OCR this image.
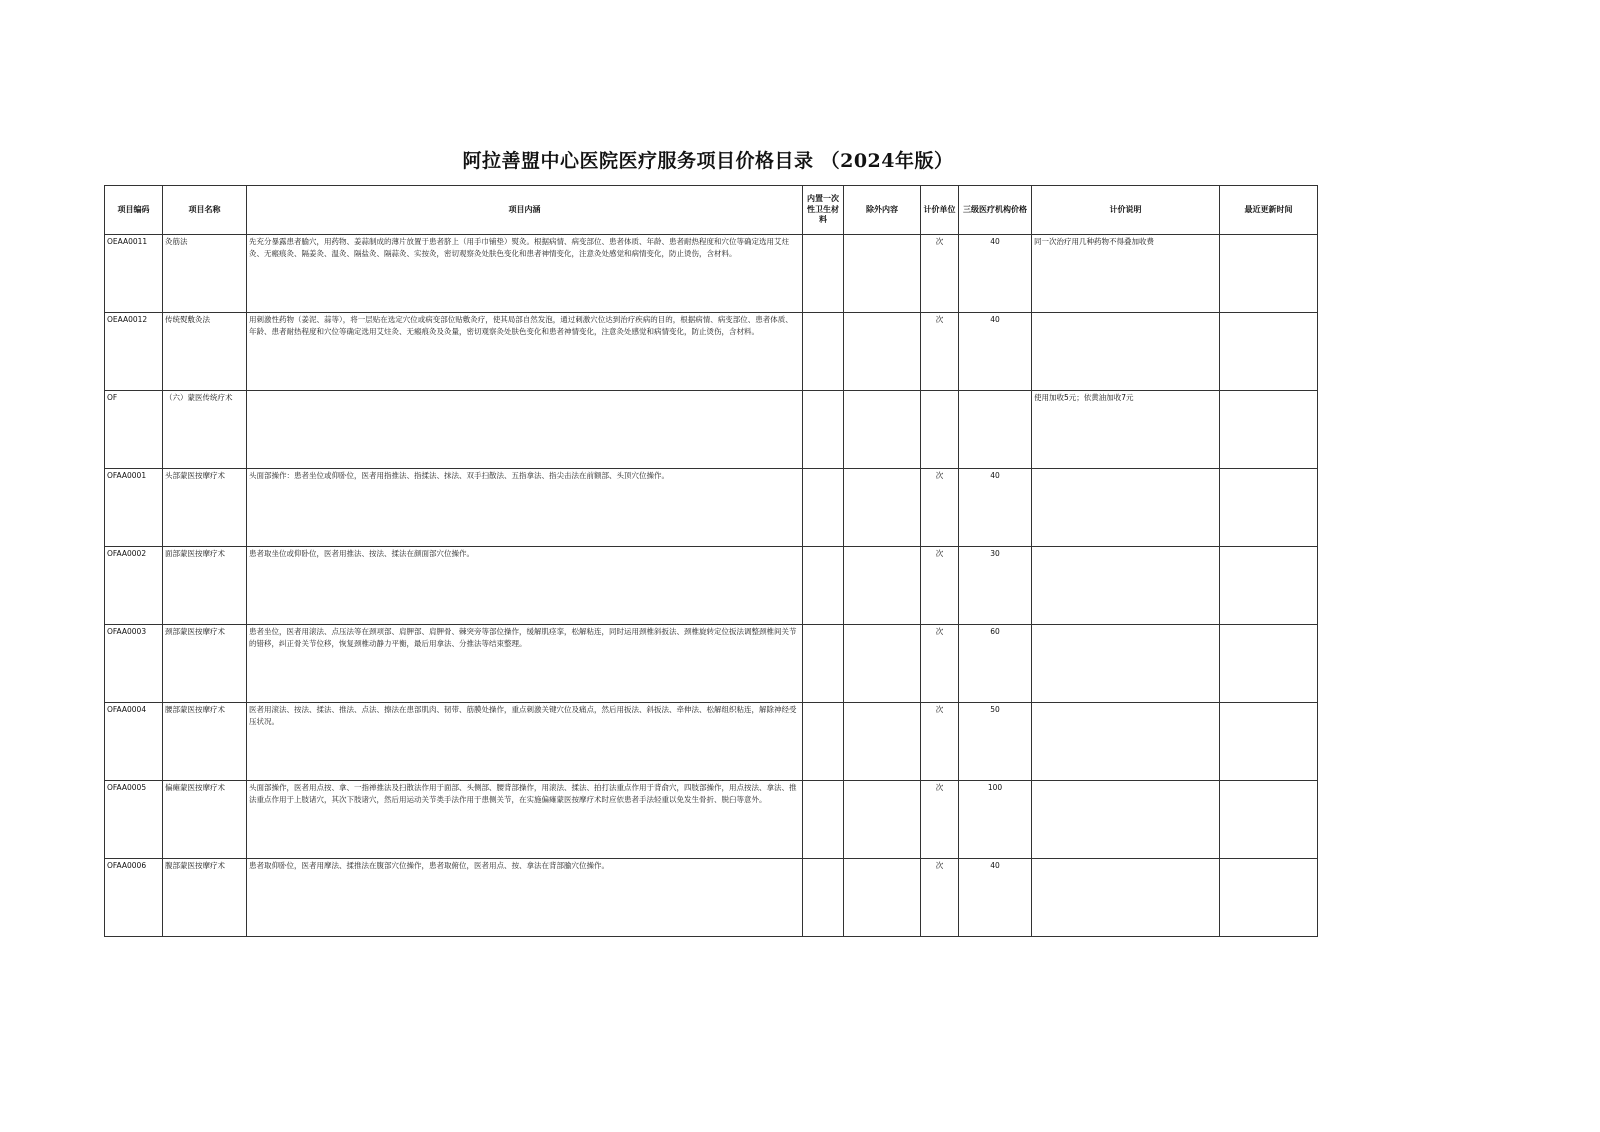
阿拉善盟中心医院医疗服务项目价格目录 （2024年版）
项目编码	项目名称	项目内涵	内置一次性卫生材料	除外内容	计价单位	三级医疗机构价格	计价说明	最近更新时间
OEAA0011	灸筋法	先充分暴露患者腧穴，用药物、姜蒜制成的薄片放置于患者脐上（用手巾铺垫）熨灸。根据病情、病变部位、患者体质、年龄、患者耐热程度和穴位等确定选用艾炷灸、无瘢痕灸、隔姜灸、温灸、隔盐灸、隔蒜灸、实按灸，密切观察灸处肤色变化和患者神情变化，注意灸处感觉和病情变化，防止烫伤，含材料。			次	40	同一次治疗用几种药物不得叠加收费	
OEAA0012	传统熨敷灸法	用刺激性药物（姜泥、蒜等），将一层贴在选定穴位或病变部位贴敷灸疗，使其局部自然发泡，通过刺激穴位达到治疗疾病的目的，根据病情、病变部位、患者体质、年龄、患者耐热程度和穴位等确定选用艾炷灸、无瘢痕灸及灸量，密切观察灸处肤色变化和患者神情变化，注意灸处感觉和病情变化，防止烫伤，含材料。			次	40		
OF	（六）蒙医传统疗术						使用加收5元；依黄油加收7元	
OFAA0001	头部蒙医按摩疗术	头面部操作：患者坐位或仰卧位，医者用指推法、指揉法、抹法、双手扫散法、五指拿法、指尖击法在前额部、头顶穴位操作。			次	40		
OFAA0002	面部蒙医按摩疗术	患者取坐位或仰卧位，医者用推法、按法、揉法在颜面部穴位操作。			次	30		
OFAA0003	颈部蒙医按摩疗术	患者坐位，医者用滚法、点压法等在颈项部、肩胛部、肩胛骨、棘突旁等部位操作，缓解肌痉挛，松解粘连，同时运用颈椎斜扳法、颈椎旋转定位扳法调整颈椎间关节的错移，纠正骨关节位移，恢复颈椎动静力平衡，最后用拿法、分推法等结束整理。			次	60		
OFAA0004	腰部蒙医按摩疗术	医者用滚法、按法、揉法、推法、点法、擦法在患部肌肉、韧带、筋膜处操作，重点刺激关键穴位及痛点，然后用扳法、斜扳法、牵伸法、松解组织粘连，解除神经受压状况。			次	50		
OFAA0005	偏瘫蒙医按摩疗术	头面部操作，医者用点按、拿、一指禅推法及扫散法作用于面部、头侧部、腰背部操作，用滚法、揉法、拍打法重点作用于背俞穴，四肢部操作，用点按法、拿法、推法重点作用于上肢诸穴，其次下肢诸穴，然后用运动关节类手法作用于患侧关节，在实施偏瘫蒙医按摩疗术时应依患者手法轻重以免发生骨折、脱臼等意外。			次	100		
OFAA0006	腹部蒙医按摩疗术	患者取仰卧位，医者用摩法、揉推法在腹部穴位操作，患者取俯位，医者用点、按、拿法在背部腧穴位操作。			次	40		
